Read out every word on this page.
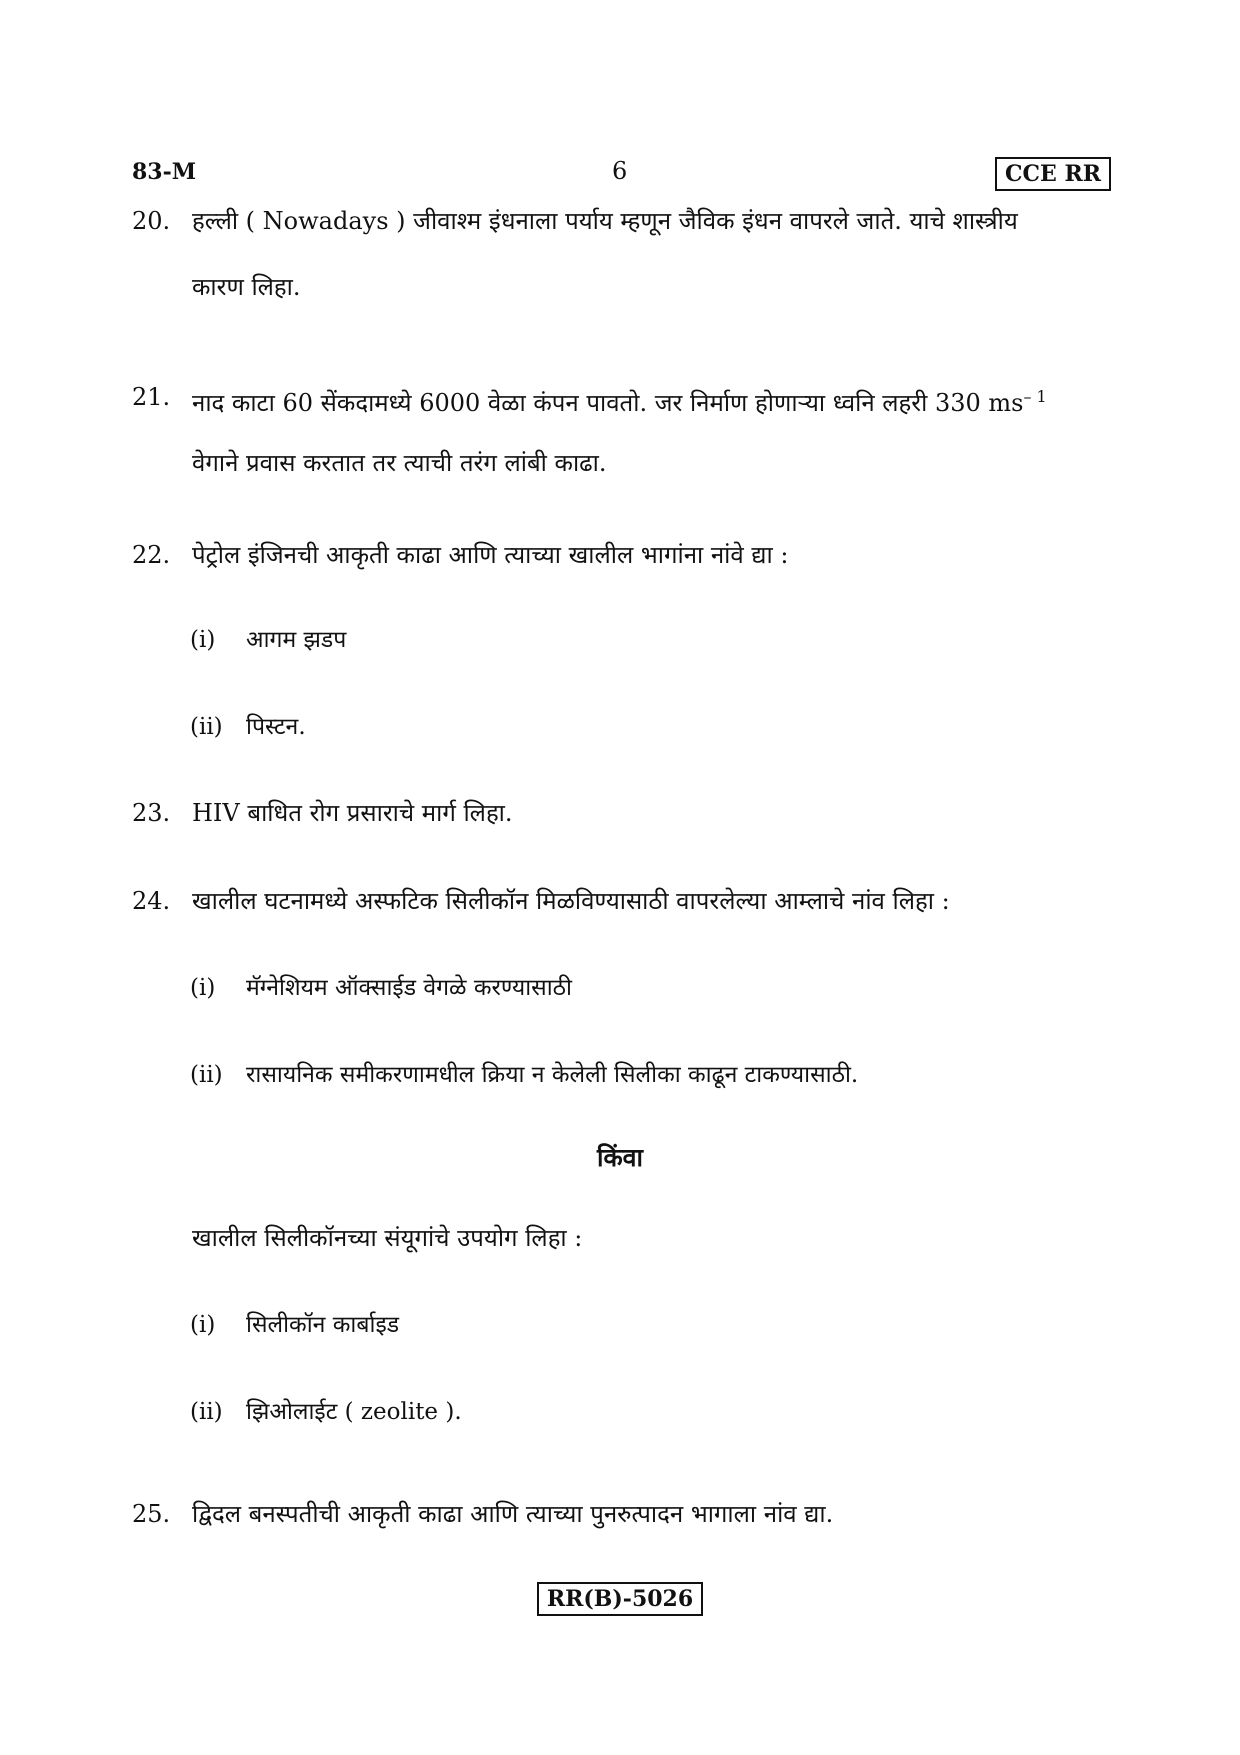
83-M	6	CCE RR
20. हल्ली ( Nowadays ) जीवाश्म इंधनाला पर्याय म्हणून जैविक इंधन वापरले जाते. याचे शास्त्रीय
कारण लिहा.
21. नाद काटा 60 सेंकदामध्ये 6000 वेळा कंपन पावतो. जर निर्माण होणाऱ्या ध्वनि लहरी 330 $ms^{- 1}$
वेगाने प्रवास करतात तर त्याची तरंग लांबी काढा.
22. पेट्रोल इंजिनची आकृती काढा आणि त्याच्या खालील भागांना नांवे द्या :
(i) आगम झडप
(ii) पिस्टन.
23. HIV बाधित रोग प्रसाराचे मार्ग लिहा.
24. खालील घटनामध्ये अस्फटिक सिलीकॉन मिळविण्यासाठी वापरलेल्या आम्लाचे नांव लिहा :
(i) मॅग्नेशियम ऑक्साईड वेगळे करण्यासाठी
(ii) रासायनिक समीकरणामधील क्रिया न केलेली सिलीका काढून टाकण्यासाठी.
किंवा
खालील सिलीकॉनच्या संयूगांचे उपयोग लिहा :
(i) सिलीकॉन कार्बाइड
(ii) झिओलाईट ( zeolite ).
25. द्विदल बनस्पतीची आकृती काढा आणि त्याच्या पुनरुत्पादन भागाला नांव द्या.
RR(B)-5026
